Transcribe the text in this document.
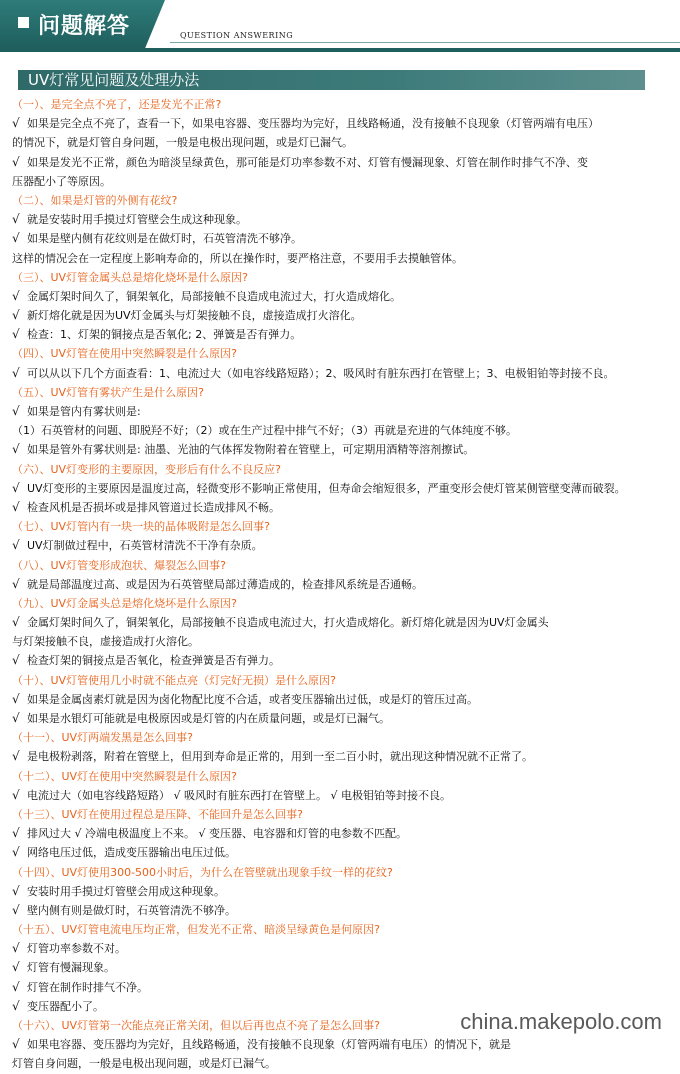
问题解答	QUESTION ANSWERING
UV灯常见问题及处理办法
（一）、是完全点不亮了，还是发光不正常?
√ 如果是完全点不亮了，查看一下，如果电容器、变压器均为完好，且线路畅通，没有接触不良现象（灯管两端有电压）
的情况下，就是灯管自身问题，一般是电极出现问题，或是灯已漏气。
√ 如果是发光不正常，颜色为暗淡呈绿黄色，那可能是灯功率参数不对、灯管有慢漏现象、灯管在制作时排气不净、变
压器配小了等原因。
（二）、如果是灯管的外侧有花纹?
√ 就是安装时用手摸过灯管壁会生成这种现象。
√ 如果是壁内侧有花纹则是在做灯时，石英管清洗不够净。
这样的情况会在一定程度上影响寿命的，所以在操作时，要严格注意，不要用手去摸触管体。
（三）、UV灯管金属头总是熔化烧坏是什么原因?
√ 金属灯架时间久了，铜架氧化，局部接触不良造成电流过大，打火造成熔化。
√ 新灯熔化就是因为UV灯金属头与灯架接触不良，虚接造成打火溶化。
√ 检查：1、灯架的铜接点是否氧化; 2、弹簧是否有弹力。
（四）、UV灯管在使用中突然瞬裂是什么原因?
√ 可以从以下几个方面查看：1、电流过大（如电容线路短路）；2、吸风时有脏东西打在管壁上；3、电极钼铂等封接不良。
（五）、UV灯管有雾状产生是什么原因?
√ 如果是管内有雾状则是:
（1）石英管材的问题、即脱羟不好；（2）或在生产过程中排气不好；（3）再就是充进的气体纯度不够。
√ 如果是管外有雾状则是: 油墨、光油的气体挥发物附着在管壁上，可定期用酒精等溶剂擦试。
（六）、UV灯变形的主要原因，变形后有什么不良反应?
√ UV灯变形的主要原因是温度过高，轻微变形不影响正常使用，但寿命会缩短很多，严重变形会使灯管某侧管壁变薄而破裂。
√ 检查风机是否损坏或是排风管道过长造成排风不畅。
（七）、UV灯管内有一块一块的晶体吸附是怎么回事?
√ UV灯制做过程中，石英管材清洗不干净有杂质。
（八）、UV灯管变形成泡状、爆裂怎么回事?
√ 就是局部温度过高、或是因为石英管壁局部过薄造成的，检查排风系统是否通畅。
（九）、UV灯金属头总是熔化烧坏是什么原因?
√ 金属灯架时间久了，铜架氧化，局部接触不良造成电流过大，打火造成熔化。新灯熔化就是因为UV灯金属头
与灯架接触不良，虚接造成打火溶化。
√ 检查灯架的铜接点是否氧化，检查弹簧是否有弹力。
（十）、UV灯管使用几小时就不能点亮（灯完好无损）是什么原因?
√ 如果是金属卤素灯就是因为卤化物配比度不合适，或者变压器输出过低，或是灯的管压过高。
√ 如果是水银灯可能就是电极原因或是灯管的内在质量问题，或是灯已漏气。
（十一）、UV灯两端发黑是怎么回事?
√ 是电极粉剥落，附着在管壁上，但用到寿命是正常的，用到一至二百小时，就出现这种情况就不正常了。
（十二）、UV灯在使用中突然瞬裂是什么原因?
√ 电流过大（如电容线路短路） √ 吸风时有脏东西打在管壁上。 √ 电极钼铂等封接不良。
（十三）、UV灯在使用过程总是压降、不能回升是怎么回事?
√ 排风过大 √ 冷端电极温度上不来。 √ 变压器、电容器和灯管的电参数不匹配。
√ 网络电压过低，造成变压器输出电压过低。
（十四）、UV灯使用300-500小时后，为什么在管壁就出现象手纹一样的花纹?
√ 安装时用手摸过灯管壁会用成这种现象。
√ 壁内侧有则是做灯时，石英管清洗不够净。
（十五）、UV灯管电流电压均正常，但发光不正常、暗淡呈绿黄色是何原因?
√ 灯管功率参数不对。
√ 灯管有慢漏现象。
√ 灯管在制作时排气不净。
√ 变压器配小了。
（十六）、UV灯管第一次能点亮正常关闭，但以后再也点不亮了是怎么回事?
√ 如果电容器、变压器均为完好，且线路畅通，没有接触不良现象（灯管两端有电压）的情况下，就是
灯管自身问题，一般是电极出现问题，或是灯已漏气。
china.makepolo.com
